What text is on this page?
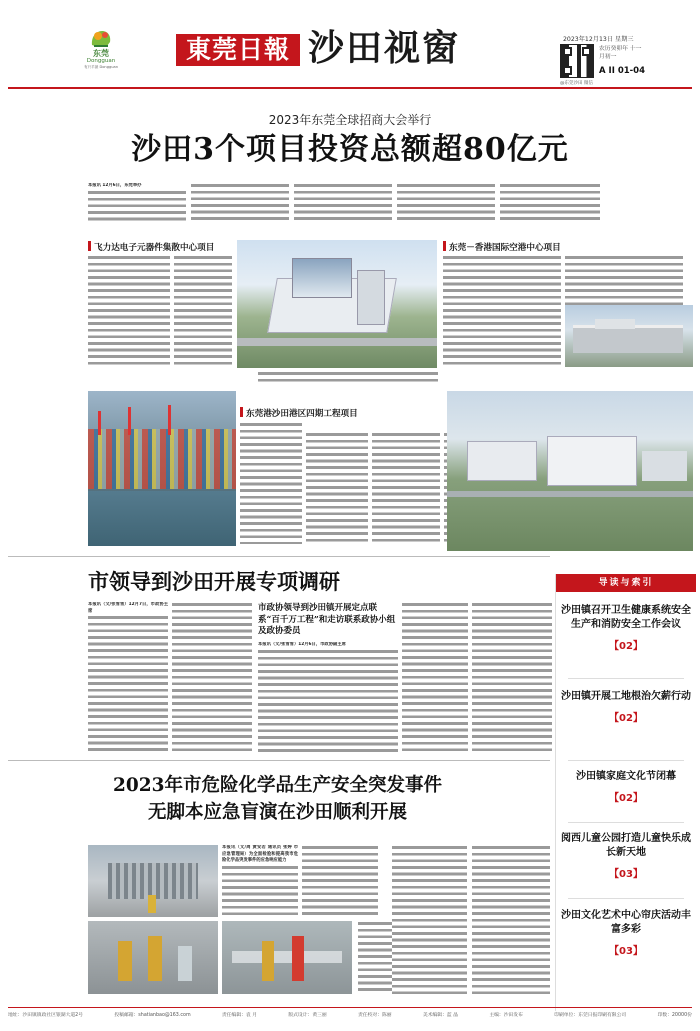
东莞
Dongguan
有只羊最 Dongguan
東莞日報 沙田视窗	2023年12月13日 星期三
农历癸卯年 十一月初一
A II 01-04
@东莞沙田 微信
2023年东莞全球招商大会举行
沙田3个项目投资总额超80亿元
本报讯 12月6日，东莞举办
飞力达电子元器件集散中心项目	东莞－香港国际空港中心项目
东莞港沙田港区四期工程项目
市领导到沙田开展专项调研
本报讯（文/张雪雪）12月7日，市政协主席	市政协领导到沙田镇开展定点联系“百千万工程”和走访联系政协小组及政协委员
本报讯（文/张雪雪）12月6日，市政协副主席
导读与索引
沙田镇召开卫生健康系统安全生产和消防安全工作会议
【02】
沙田镇开展工地根治欠薪行动
【02】
沙田镇家庭文化节闭幕
【02】
阅西儿童公园打造儿童快乐成长新天地
【03】
沙田文化艺术中心帘庆活动丰富多彩
【03】
2023年市危险化学品生产安全突发事件
无脚本应急盲演在沙田顺利开展
本报讯（文/周 黄安若 通讯员 张婷 市应急管理局）为全面检验和提高我市危险化学品突发事件的应急响应能力
地址：沙田镇镇政社区银湖大道2号	投稿邮箱：shatianbao@163.com	责任编辑：袁 月	版式设计：黄三丽	责任校对：陈丽	美术编辑：蓝 晶	主编：沙田发布	印刷单位：东莞日报印刷有限公司	印数：20000份
